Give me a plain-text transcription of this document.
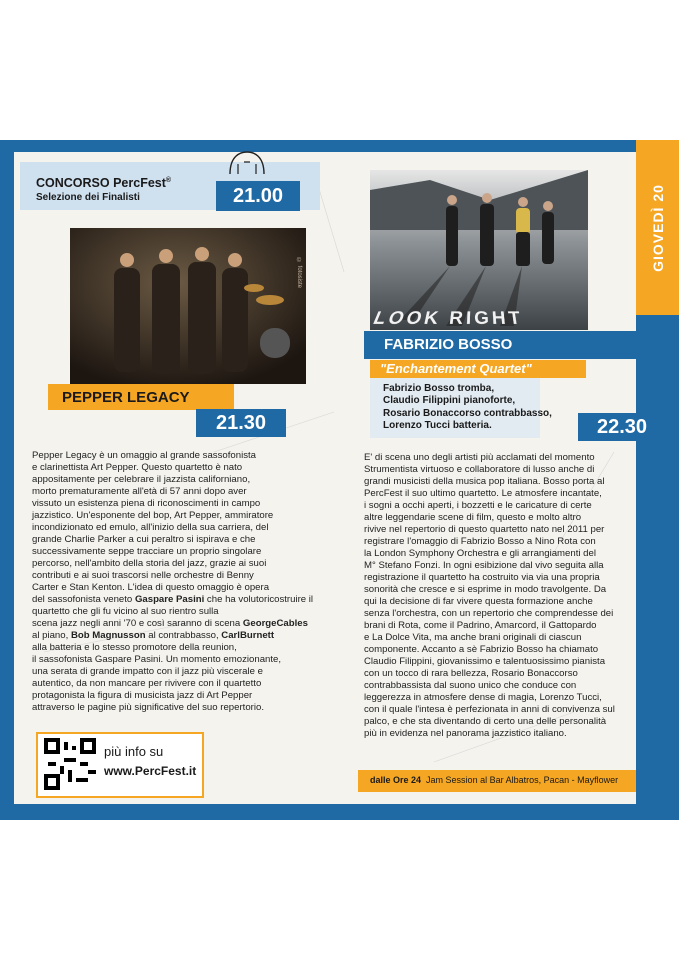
GIOVEDÌ 20
CONCORSO PercFest®
Selezione dei Finalisti	21.00
© fotosiste
PEPPER LEGACY
21.30
Pepper Legacy è un omaggio al grande sassofonista
e clarinettista Art Pepper. Questo quartetto è nato
appositamente per celebrare il jazzista californiano,
morto prematuramente all'età di 57 anni dopo aver
vissuto un esistenza piena di riconoscimenti in campo
jazzistico. Un'esponente del bop, Art Pepper, ammiratore
incondizionato ed emulo, all'inizio della sua carriera, del
grande Charlie Parker a cui peraltro si ispirava e che
successivamente seppe tracciare un proprio singolare
percorso, nell'ambito della storia del jazz, grazie ai suoi
contributi e ai suoi trascorsi nelle orchestre di Benny
Carter e Stan Kenton. L'idea di questo omaggio è opera
del sassofonista veneto Gaspare Pasini che ha volutoricostruire il quartetto che gli fu vicino al suo rientro sulla
scena jazz negli anni '70 e così saranno di scena GeorgeCables
al piano, Bob Magnusson al contrabbasso, CarlBurnett
alla batteria e lo stesso promotore della reunion,
il sassofonista Gaspare Pasini. Un momento emozionante,
una serata di grande impatto con il jazz più viscerale e
autentico, da non mancare per rivivere con il quartetto
protagonista la figura di musicista jazz di Art Pepper
attraverso le pagine più significative del suo repertorio.

più info su
www.PercFest.it
LOOK RIGHT
FABRIZIO BOSSO
"Enchantement Quartet"
Fabrizio Bosso tromba,
Claudio Filippini pianoforte,
Rosario Bonaccorso contrabbasso,
Lorenzo Tucci batteria.	22.30
E' di scena uno degli artisti più acclamati del momento
Strumentista virtuoso e collaboratore di lusso anche di
grandi musicisti della musica pop italiana. Bosso porta al
PercFest il suo ultimo quartetto. Le atmosfere incantate,
i sogni a occhi aperti, i bozzetti e le caricature di certe
altre leggendarie scene di film, questo e molto altro
rivive nel repertorio di questo quartetto nato nel 2011 per
registrare l'omaggio di Fabrizio Bosso a Nino Rota con
la London Symphony Orchestra e gli arrangiamenti del
M° Stefano Fonzi. In ogni esibizione dal vivo seguita alla
registrazione il quartetto ha costruito via via una propria
sonorità che cresce e si esprime in modo travolgente. Da
qui la decisione di far vivere questa formazione anche
senza l'orchestra, con un repertorio che comprendesse dei
brani di Rota, come il Padrino, Amarcord, il Gattopardo
e La Dolce Vita, ma anche brani originali di ciascun
componente. Accanto a sè Fabrizio Bosso ha chiamato
Claudio Filippini, giovanissimo e talentuosissimo pianista
con un tocco di rara bellezza, Rosario Bonaccorso
contrabbassista dal suono unico che conduce con
leggerezza in atmosfere dense di magia, Lorenzo Tucci,
con il quale l'intesa è perfezionata in anni di convivenza sul
palco, e che sta diventando di certo una delle personalità
più in evidenza nel panorama jazzistico italiano.

dalle Ore 24 Jam Session al Bar Albatros, Pacan - Mayflower
